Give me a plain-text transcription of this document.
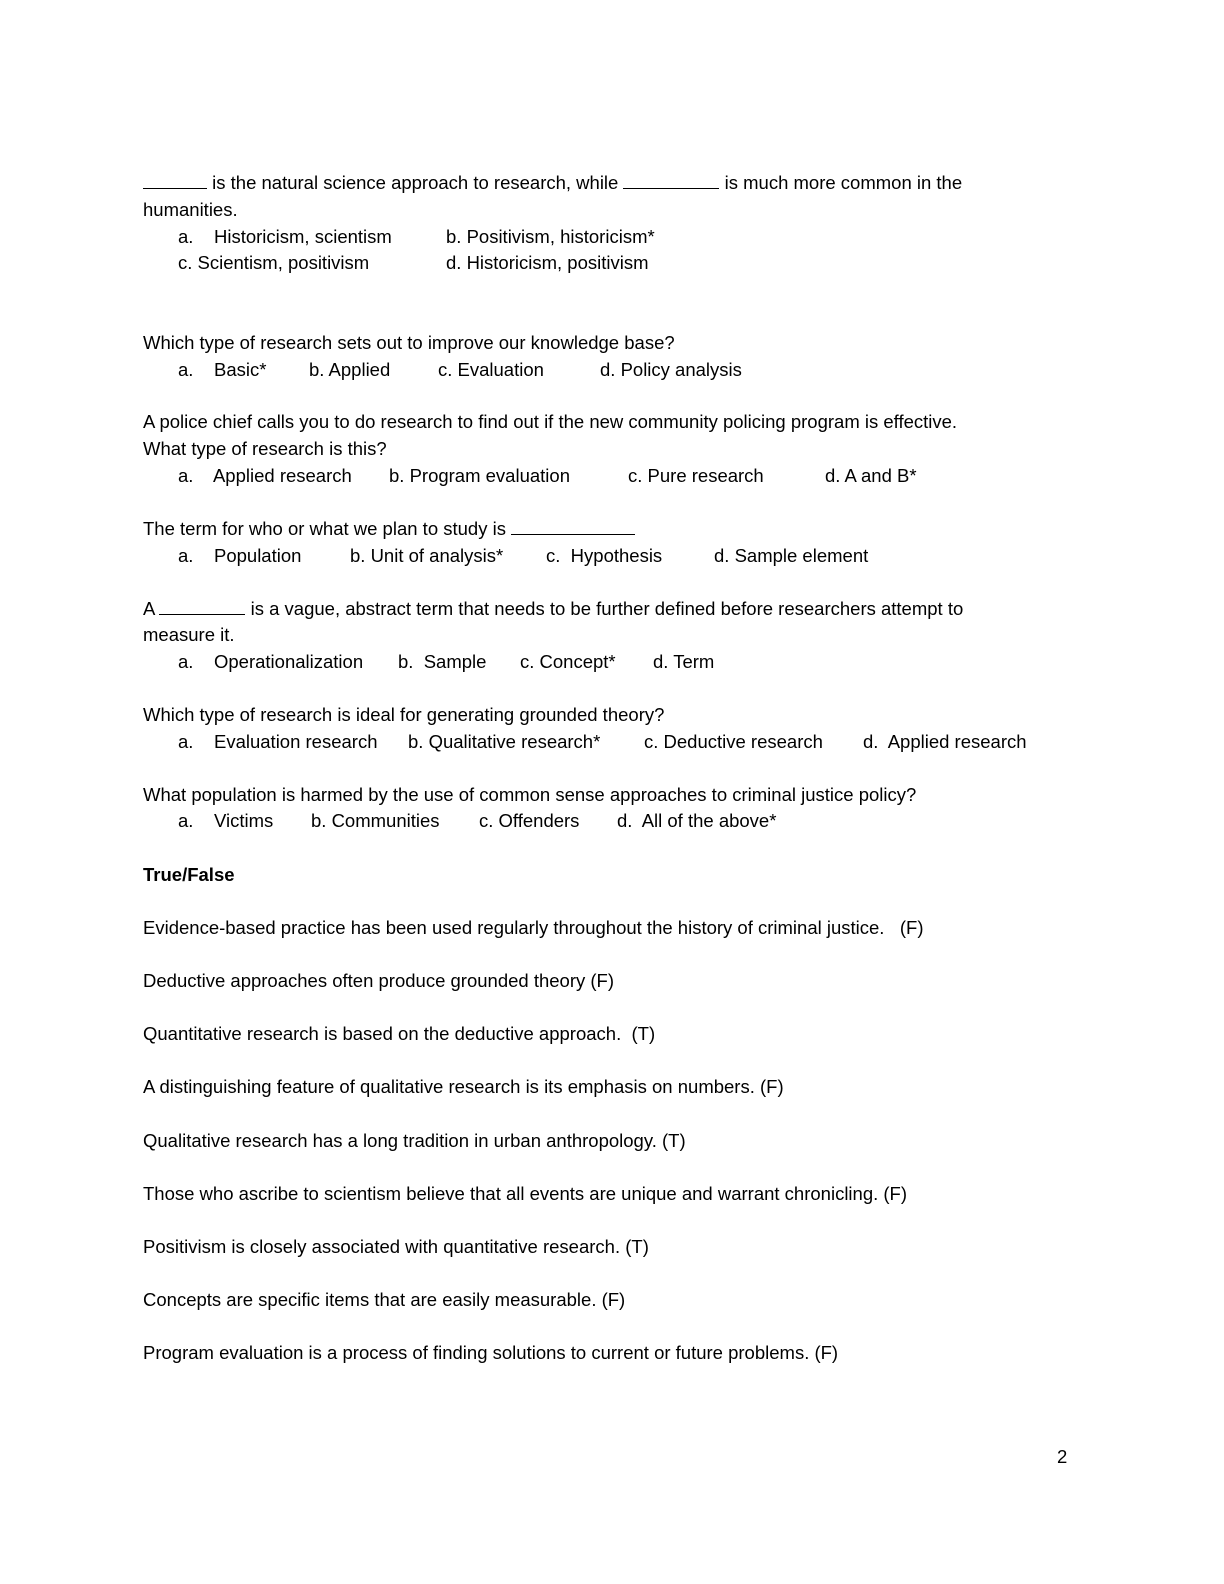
is the natural science approach to research, while	is much more common in the
humanities.
a.    Historicism, scientism	b. Positivism, historicism*
c. Scientism, positivism	d. Historicism, positivism
Which type of research sets out to improve our knowledge base?
a.    Basic* b. Applied	c. Evaluation	d. Policy analysis
A police chief calls you to do research to find out if the new community policing program is effective.
What type of research is this?
a.    Applied research b. Program evaluation	c. Pure research	d. A and B*
The term for who or what we plan to study is
a.    Population	b. Unit of analysis* c.  Hypothesis	d. Sample element
A	is a vague, abstract term that needs to be further defined before researchers attempt to
measure it.
a.    Operationalization b.  Sample c. Concept* d. Term
Which type of research is ideal for generating grounded theory?
a.    Evaluation research b. Qualitative research* c. Deductive research d.  Applied research
What population is harmed by the use of common sense approaches to criminal justice policy?
a.    Victims b. Communities c. Offenders d.  All of the above*
True/False
Evidence-based practice has been used regularly throughout the history of criminal justice.   (F)
Deductive approaches often produce grounded theory (F)
Quantitative research is based on the deductive approach.  (T)
A distinguishing feature of qualitative research is its emphasis on numbers. (F)
Qualitative research has a long tradition in urban anthropology. (T)
Those who ascribe to scientism believe that all events are unique and warrant chronicling. (F)
Positivism is closely associated with quantitative research. (T)
Concepts are specific items that are easily measurable. (F)
Program evaluation is a process of finding solutions to current or future problems. (F)
2
